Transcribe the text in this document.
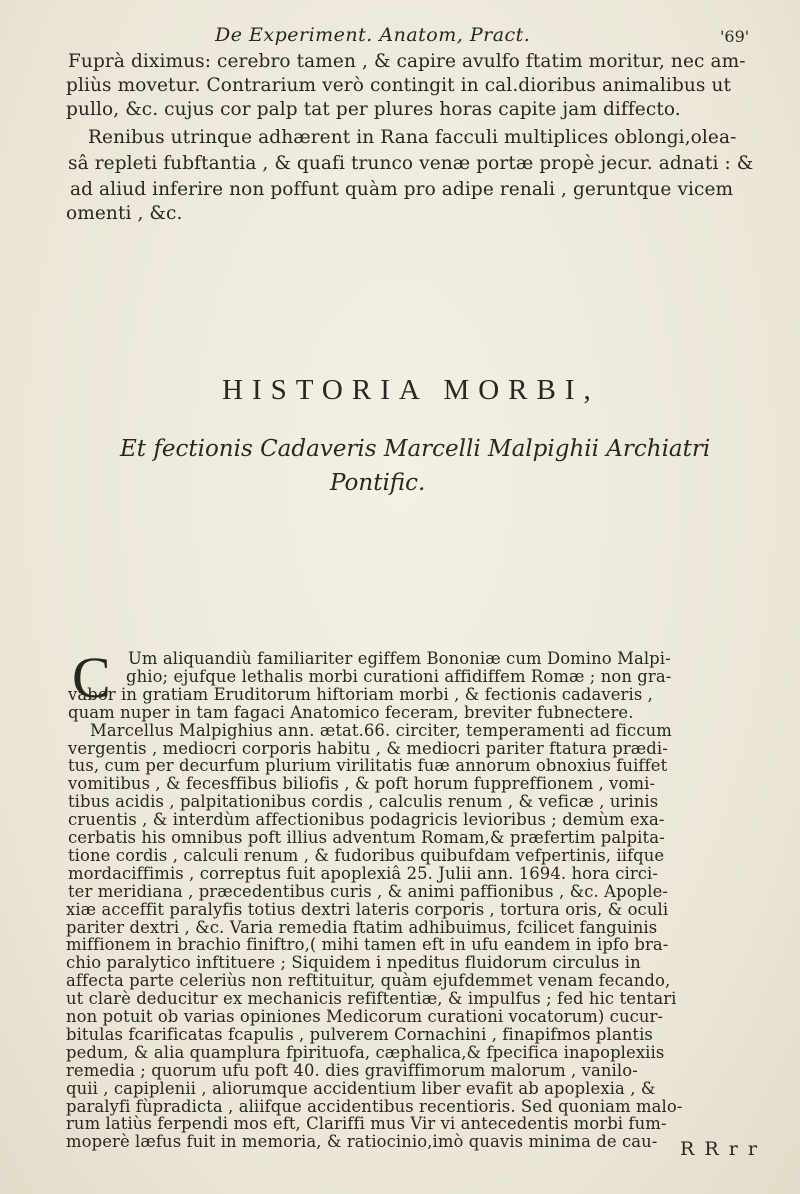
De Experiment. Anatom, Pract.	'69'
Fuprà diximus: cerebro tamen , & capire avulfo ftatim moritur, nec am-
pliùs movetur. Contrarium verò contingit in cal.dioribus animalibus ut
pullo, &c. cujus cor palp tat per plures horas capite jam diffecto.
Renibus utrinque adhærent in Rana facculi multiplices oblongi,olea-
sâ repleti fubftantia , & quafi trunco venæ portæ propè jecur. adnati : &
ad aliud inferire non poffunt quàm pro adipe renali , geruntque vicem
omenti , &c.
HISTORIA MORBI,
Et fectionis Cadaveris Marcelli Malpighii Archiatri
Pontific.
C Um aliquandiù familiariter egiffem Bononiæ cum Domino Malpi-
ghio; ejufque lethalis morbi curationi affidiffem Romæ ; non gra-
vabor in gratiam Eruditorum hiftoriam morbi , & fectionis cadaveris ,
quam nuper in tam fagaci Anatomico feceram, breviter fubnectere.
Marcellus Malpighius ann. ætat.66. circiter, temperamenti ad ficcum
vergentis , mediocri corporis habitu , & mediocri pariter ftatura prædi-
tus, cum per decurfum plurium virilitatis fuæ annorum obnoxius fuiffet
vomitibus , & fecesffibus biliofis , & poft horum fuppreffionem , vomi-
tibus acidis , palpitationibus cordis , calculis renum , & veficæ , urinis
cruentis , & interdùm affectionibus podagricis levioribus ; demùm exa-
cerbatis his omnibus poft illius adventum Romam,& præfertim palpita-
tione cordis , calculi renum , & fudoribus quibufdam vefpertinis, iifque
mordaciffimis , correptus fuit apoplexiâ 25. Julii ann. 1694. hora circi-
ter meridiana , præcedentibus curis , & animi paffionibus , &c. Apople-
xiæ acceffit paralyfis totius dextri lateris corporis , tortura oris, & oculi
pariter dextri , &c. Varia remedia ftatim adhibuimus, fcilicet fanguinis
miffionem in brachio finiftro,( mihi tamen eft in ufu eandem in ipfo bra-
chio paralytico inftituere ; Siquidem i npeditus fluidorum circulus in
affecta parte celeriùs non reftituitur, quàm ejufdemmet venam fecando,
ut clarè deducitur ex mechanicis refiftentiæ, & impulfus ; fed hic tentari
non potuit ob varias opiniones Medicorum curationi vocatorum) cucur-
bitulas fcarificatas fcapulis , pulverem Cornachini , finapifmos plantis
pedum, & alia quamplura fpirituofa, cæphalica,& fpecifica inapoplexiis
remedia ; quorum ufu poft 40. dies graviffimorum malorum , vanilo-
quii , capiplenii , aliorumque accidentium liber evafit ab apoplexia , &
paralyfi fùpradicta , aliifque accidentibus recentioris. Sed quoniam malo-
rum latiùs ferpendi mos eft, Clariffi mus Vir vi antecedentis morbi fum-
moperè læfus fuit in memoria, & ratiocinio,imò quavis minima de cau- R R r r
